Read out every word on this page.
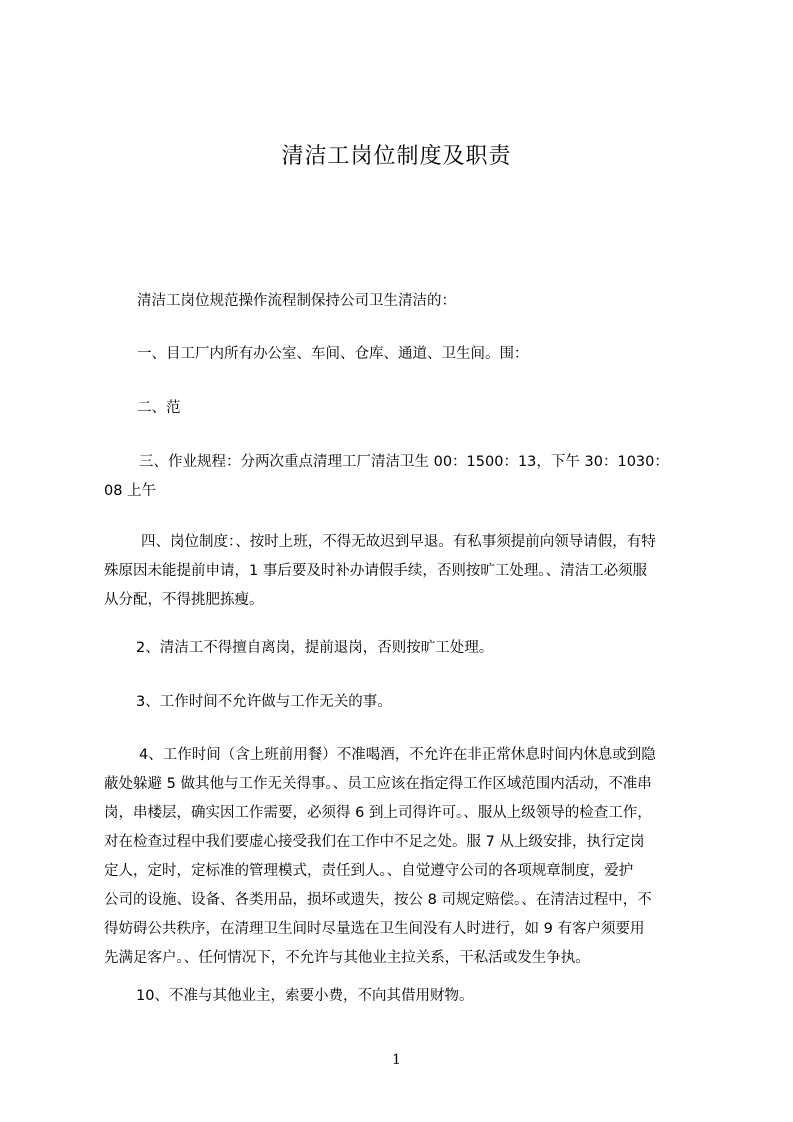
清洁工岗位制度及职责
清洁工岗位规范操作流程制保持公司卫生清洁的：
一、目工厂内所有办公室、车间、仓库、通道、卫生间。围：
二、范
三、作业规程：分两次重点清理工厂清洁卫生 00：1500：13，下午 30：1030：
08 上午
四、岗位制度：、按时上班，不得无故迟到早退。有私事须提前向领导请假，有特
殊原因未能提前申请，1 事后要及时补办请假手续，否则按旷工处理。、清洁工必须服
从分配，不得挑肥拣瘦。
2、清洁工不得擅自离岗，提前退岗，否则按旷工处理。
3、工作时间不允许做与工作无关的事。
4、工作时间（含上班前用餐）不准喝酒，不允许在非正常休息时间内休息或到隐
蔽处躲避 5 做其他与工作无关得事。、员工应该在指定得工作区域范围内活动，不准串
岗，串楼层，确实因工作需要，必须得 6 到上司得许可。、服从上级领导的检查工作，
对在检查过程中我们要虚心接受我们在工作中不足之处。服 7 从上级安排，执行定岗
定人，定时，定标准的管理模式，责任到人。、自觉遵守公司的各项规章制度，爱护
公司的设施、设备、各类用品，损坏或遗失，按公 8 司规定赔偿。、在清洁过程中，不
得妨碍公共秩序，在清理卫生间时尽量选在卫生间没有人时进行，如 9 有客户须要用
先满足客户。、任何情况下，不允许与其他业主拉关系，干私活或发生争执。
10、不准与其他业主，索要小费，不向其借用财物。
1
